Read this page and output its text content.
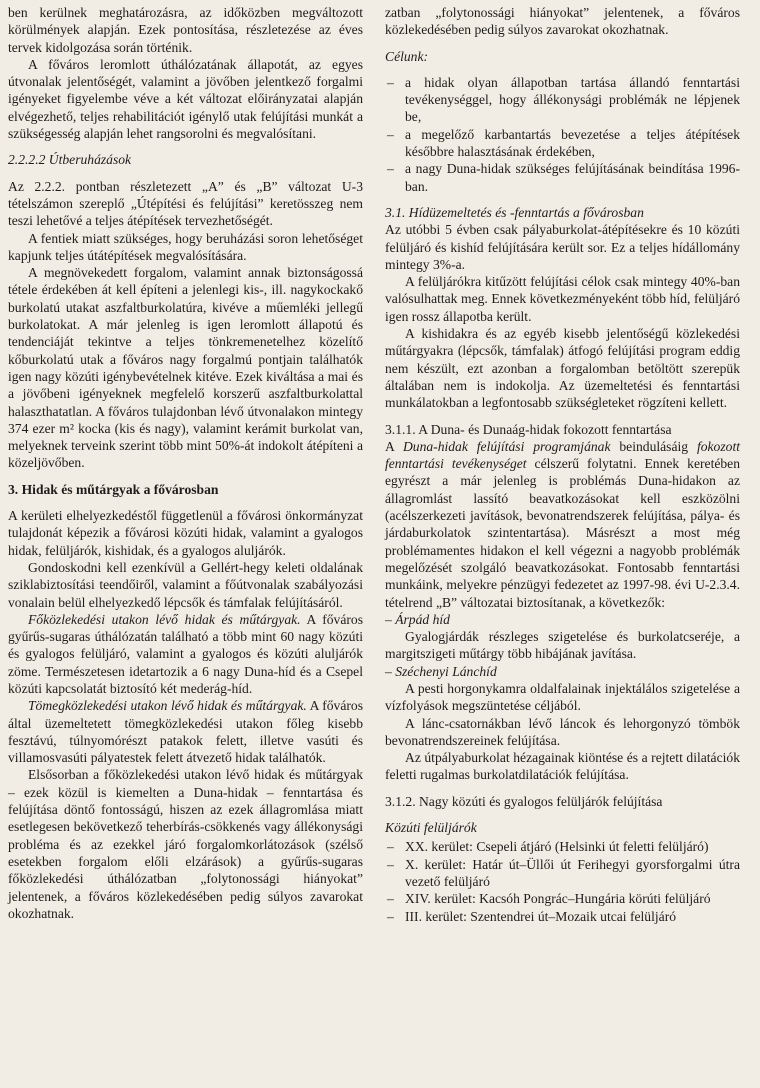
ben kerülnek meghatározásra, az időközben megváltozott körülmények alapján. Ezek pontosítása, részletezése az éves tervek kidolgozása során történik.

A főváros leromlott úthálózatának állapotát, az egyes útvonalak jelentőségét, valamint a jövőben jelentkező forgalmi igényeket figyelembe véve a két változat előirányzatai alapján elvégezhető, teljes rehabilitációt igénylő utak felújítási munkát a szükségesség alapján lehet rangsorolni és megvalósítani.

2.2.2.2 Útberuházások

Az 2.2.2. pontban részletezett „A” és „B” változat U-3 tételszámon szereplő „Útépítési és felújítási” keretösszeg nem teszi lehetővé a teljes átépítések tervezhetőségét.

A fentiek miatt szükséges, hogy beruházási soron lehetőséget kapjunk teljes útátépítések megvalósítására.

A megnövekedett forgalom, valamint annak biztonságossá tétele érdekében át kell építeni a jelenlegi kis-, ill. nagykockakő burkolatú utakat aszfaltburkolatúra, kivéve a műemléki jellegű burkolatokat. A már jelenleg is igen leromlott állapotú és tendenciáját tekintve a teljes tönkremenetelhez közelítő kőburkolatú utak a főváros nagy forgalmú pontjain találhatók igen nagy közúti igénybevételnek kitéve. Ezek kiváltása a mai és a jövőbeni igényeknek megfelelő korszerű aszfaltburkolattal halaszthatatlan. A főváros tulajdonban lévő útvonalakon mintegy 374 ezer m² kocka (kis és nagy), valamint kerámit burkolat van, melyeknek terveink szerint több mint 50%-át indokolt átépíteni a közeljövőben.

3. Hidak és műtárgyak a fővárosban

A kerületi elhelyezkedéstől függetlenül a fővárosi önkormányzat tulajdonát képezik a fővárosi közúti hidak, valamint a gyalogos hidak, felüljárók, kishidak, és a gyalogos aluljárók.

Gondoskodni kell ezenkívül a Gellért-hegy keleti oldalának sziklabiztosítási teendőiről, valamint a főútvonalak szabályozási vonalain belül elhelyezkedő lépcsők és támfalak felújításáról.

Főközlekedési utakon lévő hidak és műtárgyak. A főváros gyűrűs-sugaras úthálózatán található a több mint 60 nagy közúti és gyalogos felüljáró, valamint a gyalogos és közúti aluljárók zöme. Természetesen idetartozik a 6 nagy Duna-híd és a Csepel közúti kapcsolatát biztosító két mederág-híd.

Tömegközlekedési utakon lévő hidak és műtárgyak. A főváros által üzemeltetett tömegközlekedési utakon főleg kisebb fesztávú, túlnyomórészt patakok felett, illetve vasúti és villamosvasúti pályatestek felett átvezető hidak találhatók.

Elsősorban a főközlekedési utakon lévő hidak és műtárgyak – ezek közül is kiemelten a Duna-hidak – fenntartása és felújítása döntő fontosságú, hiszen az ezek állagromlása miatt esetlegesen bekövetkező teherbírás-csökkenés vagy állékonysági probléma és az ezekkel járó forgalomkorlátozások (szélső esetekben forgalom előli elzárások) a gyűrűs-sugaras főközlekedési úthálózatban „folytonossági hiányokat” jelentenek, a főváros közlekedésében pedig súlyos zavarokat okozhatnak.

zatban „folytonossági hiányokat” jelentenek, a főváros közlekedésében pedig súlyos zavarokat okozhatnak.

Célunk:

– a hidak olyan állapotban tartása állandó fenntartási tevékenységgel, hogy állékonysági problémák ne lépjenek be,
– a megelőző karbantartás bevezetése a teljes átépítések későbbre halasztásának érdekében,
– a nagy Duna-hidak szükséges felújításának beindítása 1996-ban.
3.1. Hídüzemeltetés és -fenntartás a fővárosban

Az utóbbi 5 évben csak pályaburkolat-átépítésekre és 10 közúti felüljáró és kishíd felújítására került sor. Ez a teljes hídállomány mintegy 3%-a.

A felüljárókra kitűzött felújítási célok csak mintegy 40%-ban valósulhattak meg. Ennek következményeként több híd, felüljáró igen rossz állapotba került.

A kishidakra és az egyéb kisebb jelentőségű közlekedési műtárgyakra (lépcsők, támfalak) átfogó felújítási program eddig nem készült, ezt azonban a forgalomban betöltött szerepük általában nem is indokolja. Az üzemeltetési és fenntartási munkálatokban a legfontosabb szükségleteket rögzíteni kellett.

3.1.1. A Duna- és Dunaág-hidak fokozott fenntartása

A Duna-hidak felújítási programjának beindulásáig fokozott fenntartási tevékenységet célszerű folytatni. Ennek keretében egyrészt a már jelenleg is problémás Duna-hidakon az állagromlást lassító beavatkozásokat kell eszközölni (acélszerkezeti javítások, bevonatrendszerek felújítása, pálya- és járdaburkolatok szintentartása). Másrészt a most még problémamentes hidakon el kell végezni a nagyobb problémák megelőzését szolgáló beavatkozásokat. Fontosabb fenntartási munkáink, melyekre pénzügyi fedezetet az 1997-98. évi U-2.3.4. tételrend „B” változatai biztosítanak, a következők:

– Árpád híd

Gyalogjárdák részleges szigetelése és burkolatcseréje, a margitszigeti műtárgy több hibájának javítása.

– Széchenyi Lánchíd

A pesti horgonykamra oldalfalainak injektálálos szigetelése a vízfolyások megszüntetése céljából.

A lánc-csatornákban lévő láncok és lehorgonyzó tömbök bevonatrendszereinek felújítása.

Az útpályaburkolat hézagainak kiöntése és a rejtett dilatációk feletti rugalmas burkolatdilatációk felújítása.

3.1.2. Nagy közúti és gyalogos felüljárók felújítása

Közúti felüljárók

– XX. kerület: Csepeli átjáró (Helsinki út feletti felüljáró)
– X. kerület: Határ út–Üllői út Ferihegyi gyorsforgalmi útra vezető felüljáró
– XIV. kerület: Kacsóh Pongrác–Hungária körúti felüljáró
– III. kerület: Szentendrei út–Mozaik utcai felüljáró
